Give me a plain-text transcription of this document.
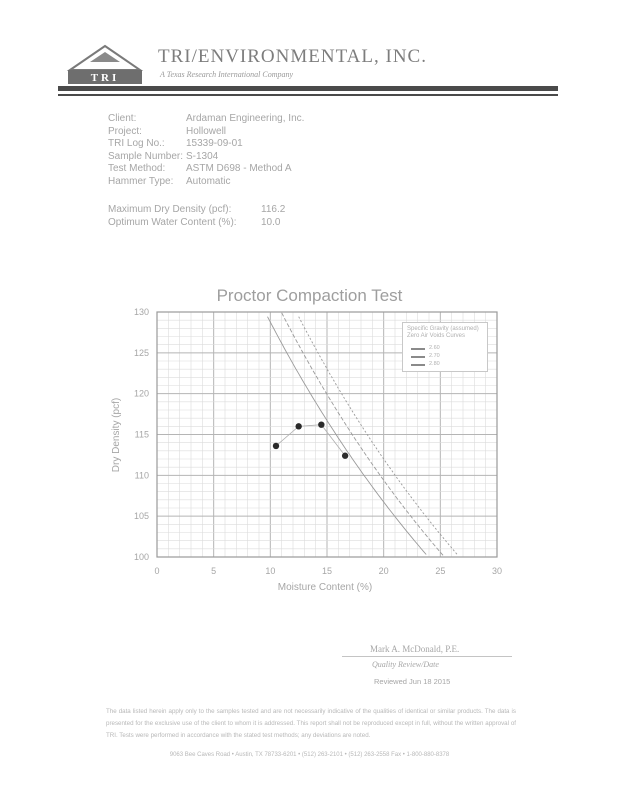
TRI
TRI/ENVIRONMENTAL, INC.
A Texas Research International Company
Client:	Ardaman Engineering, Inc.
Project:	Hollowell
TRI Log No.: 15339-09-01
Sample Number: S-1304
Test Method: ASTM D698 - Method A
Hammer Type: Automatic
Maximum Dry Density (pcf):	116.2
Optimum Water Content (%): 10.0
Proctor Compaction Test
0	5	10	15	20	25	30
100
105
110
115
120
125
130
Dry Density (pcf)
Moisture Content (%)
Specific Gravity (assumed)
Zero Air Voids Curves
2.60
2.70
2.80
Mark A. McDonald, P.E.
Quality Review/Date
Reviewed Jun 18 2015
The data listed herein apply only to the samples tested and are not necessarily indicative of the qualities of identical or similar products. The data is presented for the exclusive use of the client to whom it is addressed. This report shall not be reproduced except in full, without the written approval of TRI. Tests were performed in accordance with the stated test methods; any deviations are noted.
9063 Bee Caves Road • Austin, TX 78733-6201 • (512) 263-2101 • (512) 263-2558 Fax • 1-800-880-8378
